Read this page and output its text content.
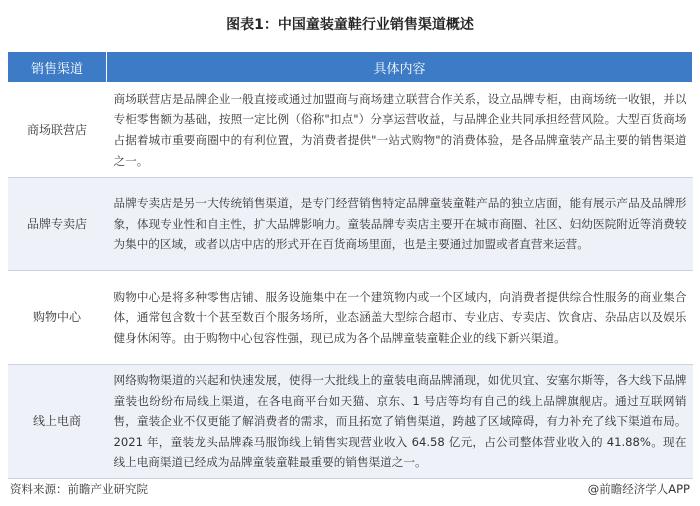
图表1：中国童装童鞋行业销售渠道概述
销售渠道	具体内容
商场联营店	商场联营店是品牌企业一般直接或通过加盟商与商场建立联营合作关系，设立品牌专柜，由商场统一收银，并以专柜零售额为基础，按照一定比例（俗称"扣点"）分享运营收益，与品牌企业共同承担经营风险。大型百货商场占据着城市重要商圈中的有利位置，为消费者提供"一站式购物"的消费体验，是各品牌童装产品主要的销售渠道之一。
品牌专卖店	品牌专卖店是另一大传统销售渠道，是专门经营销售特定品牌童装童鞋产品的独立店面，能有展示产品及品牌形象，体现专业性和自主性，扩大品牌影响力。童装品牌专卖店主要开在城市商圈、社区、妇幼医院附近等消费较为集中的区域，或者以店中店的形式开在百货商场里面，也是主要通过加盟或者直营来运营。
购物中心	购物中心是将多种零售店铺、服务设施集中在一个建筑物内或一个区域内，向消费者提供综合性服务的商业集合体，通常包含数十个甚至数百个服务场所，业态涵盖大型综合超市、专业店、专卖店、饮食店、杂品店以及娱乐健身休闲等。由于购物中心包容性强，现已成为各个品牌童装童鞋企业的线下新兴渠道。
线上电商	网络购物渠道的兴起和快速发展，使得一大批线上的童装电商品牌涌现，如优贝宜、安塞尔斯等，各大线下品牌童装也纷纷布局线上渠道，在各电商平台如天猫、京东、1 号店等均有自己的线上品牌旗舰店。通过互联网销售，童装企业不仅更能了解消费者的需求，而且拓宽了销售渠道，跨越了区域障碍，有力补充了线下渠道布局。2021 年，童装龙头品牌森马服饰线上销售实现营业收入 64.58 亿元，占公司整体营业收入的 41.88%。现在线上电商渠道已经成为品牌童装童鞋最重要的销售渠道之一。
资料来源：前瞻产业研究院	@前瞻经济学人APP
